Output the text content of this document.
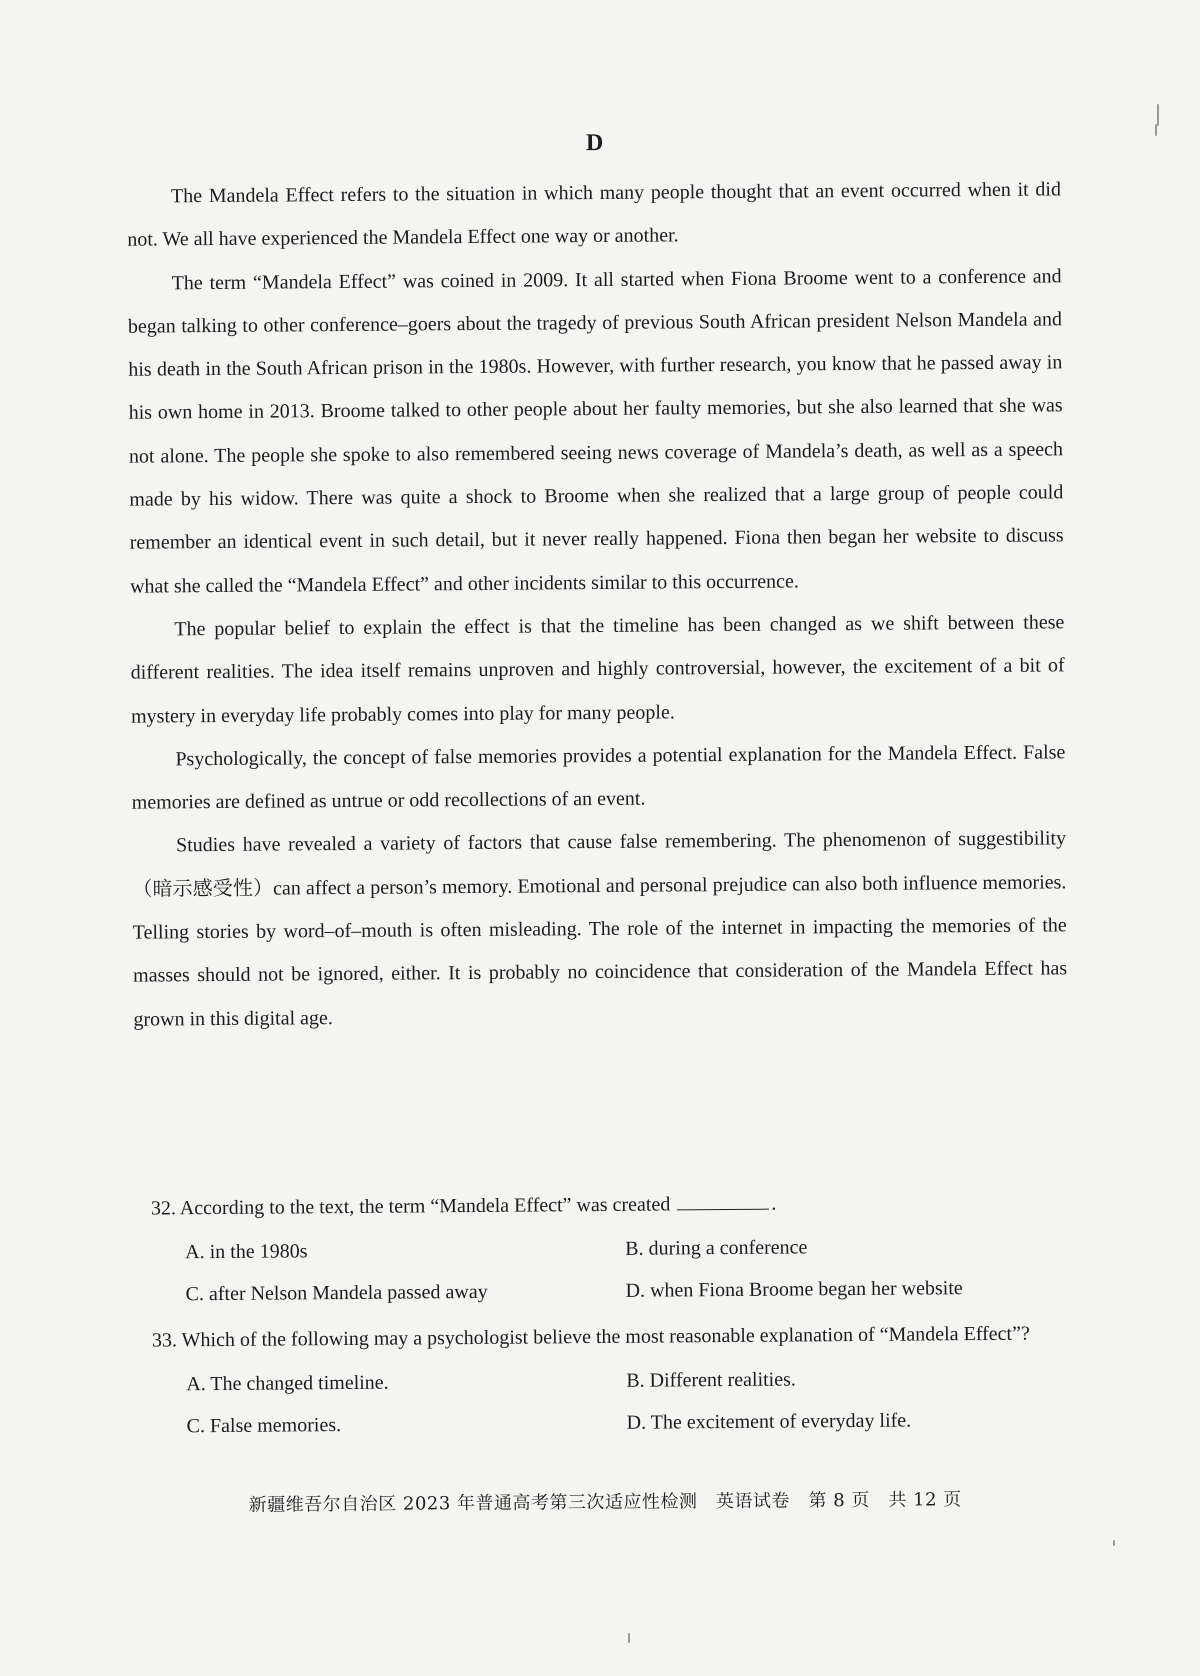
D

The Mandela Effect refers to the situation in which many people thought that an event occurred when it did not. We all have experienced the Mandela Effect one way or another.

The term “Mandela Effect” was coined in 2009. It all started when Fiona Broome went to a conference and began talking to other conference–goers about the tragedy of previous South African president Nelson Mandela and his death in the South African prison in the 1980s. However, with further research, you know that he passed away in his own home in 2013. Broome talked to other people about her faulty memories, but she also learned that she was not alone. The people she spoke to also remembered seeing news coverage of Mandela’s death, as well as a speech made by his widow. There was quite a shock to Broome when she realized that a large group of people could remember an identical event in such detail, but it never really happened. Fiona then began her website to discuss what she called the “Mandela Effect” and other incidents similar to this occurrence.

The popular belief to explain the effect is that the timeline has been changed as we shift between these different realities. The idea itself remains unproven and highly controversial, however, the excitement of a bit of mystery in everyday life probably comes into play for many people.

Psychologically, the concept of false memories provides a potential explanation for the Mandela Effect. False memories are defined as untrue or odd recollections of an event.

Studies have revealed a variety of factors that cause false remembering. The phenomenon of suggestibility（暗示感受性）can affect a person’s memory. Emotional and personal prejudice can also both influence memories. Telling stories by word–of–mouth is often misleading. The role of the internet in impacting the memories of the masses should not be ignored, either. It is probably no coincidence that consideration of the Mandela Effect has grown in this digital age.

32. According to the text, the term “Mandela Effect” was created	.
A. in the 1980s	B. during a conference
C. after Nelson Mandela passed away	D. when Fiona Broome began her website
33. Which of the following may a psychologist believe the most reasonable explanation of “Mandela Effect”?
A. The changed timeline.	B. Different realities.
C. False memories.	D. The excitement of everyday life.
新疆维吾尔自治区 2023 年普通高考第三次适应性检测　英语试卷　第 8 页　共 12 页
